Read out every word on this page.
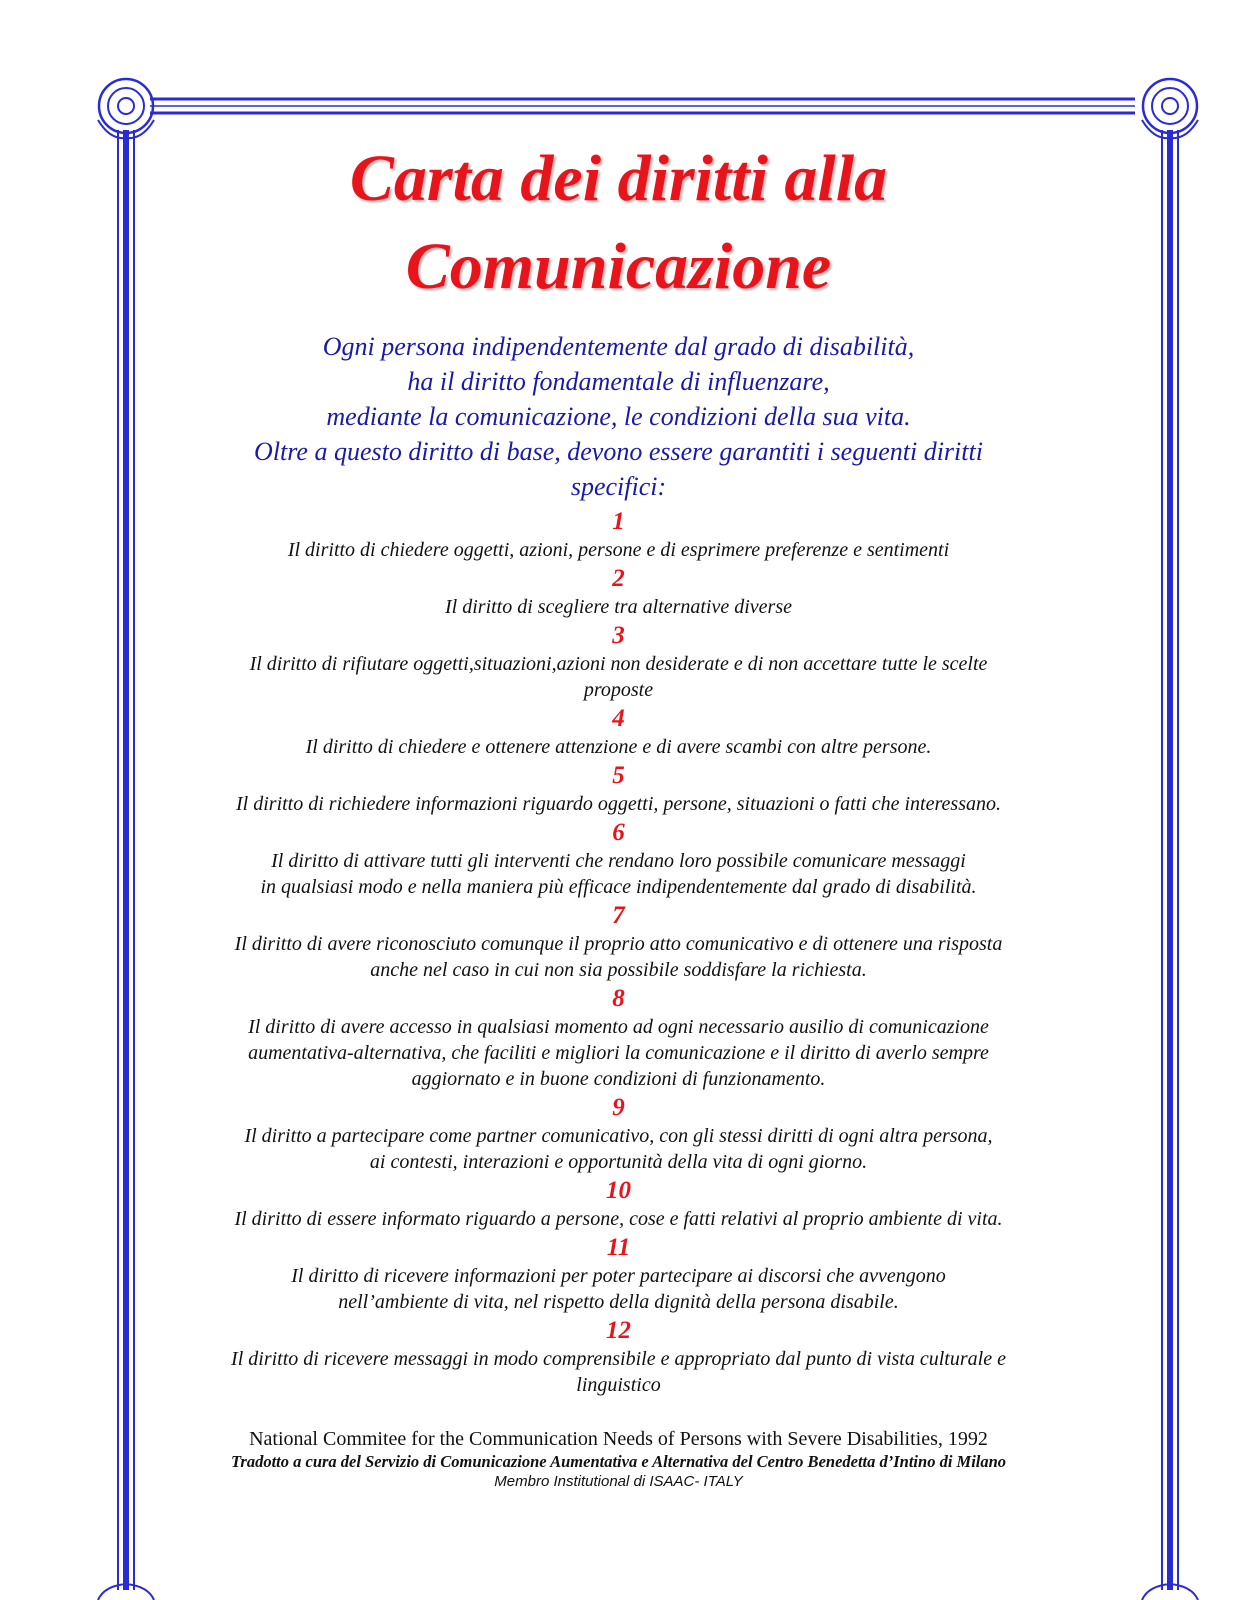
Carta dei diritti alla
Comunicazione
Ogni persona indipendentemente dal grado di disabilità,
ha il diritto fondamentale di influenzare,
mediante la comunicazione, le condizioni della sua vita.
Oltre a questo diritto di base, devono essere garantiti i seguenti diritti
specifici:
1
Il diritto di chiedere oggetti, azioni, persone e di esprimere preferenze e sentimenti
2
Il diritto di scegliere tra alternative diverse
3
Il diritto di rifiutare oggetti,situazioni,azioni non desiderate e di non accettare tutte le scelte
proposte
4
Il diritto di chiedere e ottenere attenzione e di avere scambi con altre persone.
5
Il diritto di richiedere informazioni riguardo oggetti, persone, situazioni o fatti che interessano.
6
Il diritto di attivare tutti gli interventi che rendano loro possibile comunicare messaggi
in qualsiasi modo e nella maniera più efficace indipendentemente dal grado di disabilità.
7
Il diritto di avere riconosciuto comunque il proprio atto comunicativo e di ottenere una risposta
anche nel caso in cui non sia possibile soddisfare la richiesta.
8
Il diritto di avere accesso in qualsiasi momento ad ogni necessario ausilio di comunicazione
aumentativa-alternativa, che faciliti e migliori la comunicazione e il diritto di averlo sempre
aggiornato e in buone condizioni di funzionamento.
9
Il diritto a partecipare come partner comunicativo, con gli stessi diritti di ogni altra persona,
ai contesti, interazioni e opportunità della vita di ogni giorno.
10
Il diritto di essere informato riguardo a persone, cose e fatti relativi al proprio ambiente di vita.
11
Il diritto di ricevere informazioni per poter partecipare ai discorsi che avvengono
nell’ambiente di vita, nel rispetto della dignità della persona disabile.
12
Il diritto di ricevere messaggi in modo comprensibile e appropriato dal punto di vista culturale e
linguistico
National Commitee for the Communication Needs of Persons with Severe Disabilities, 1992
Tradotto a cura del Servizio di Comunicazione Aumentativa e Alternativa del Centro Benedetta d’Intino di Milano
Membro Institutional di ISAAC- ITALY
